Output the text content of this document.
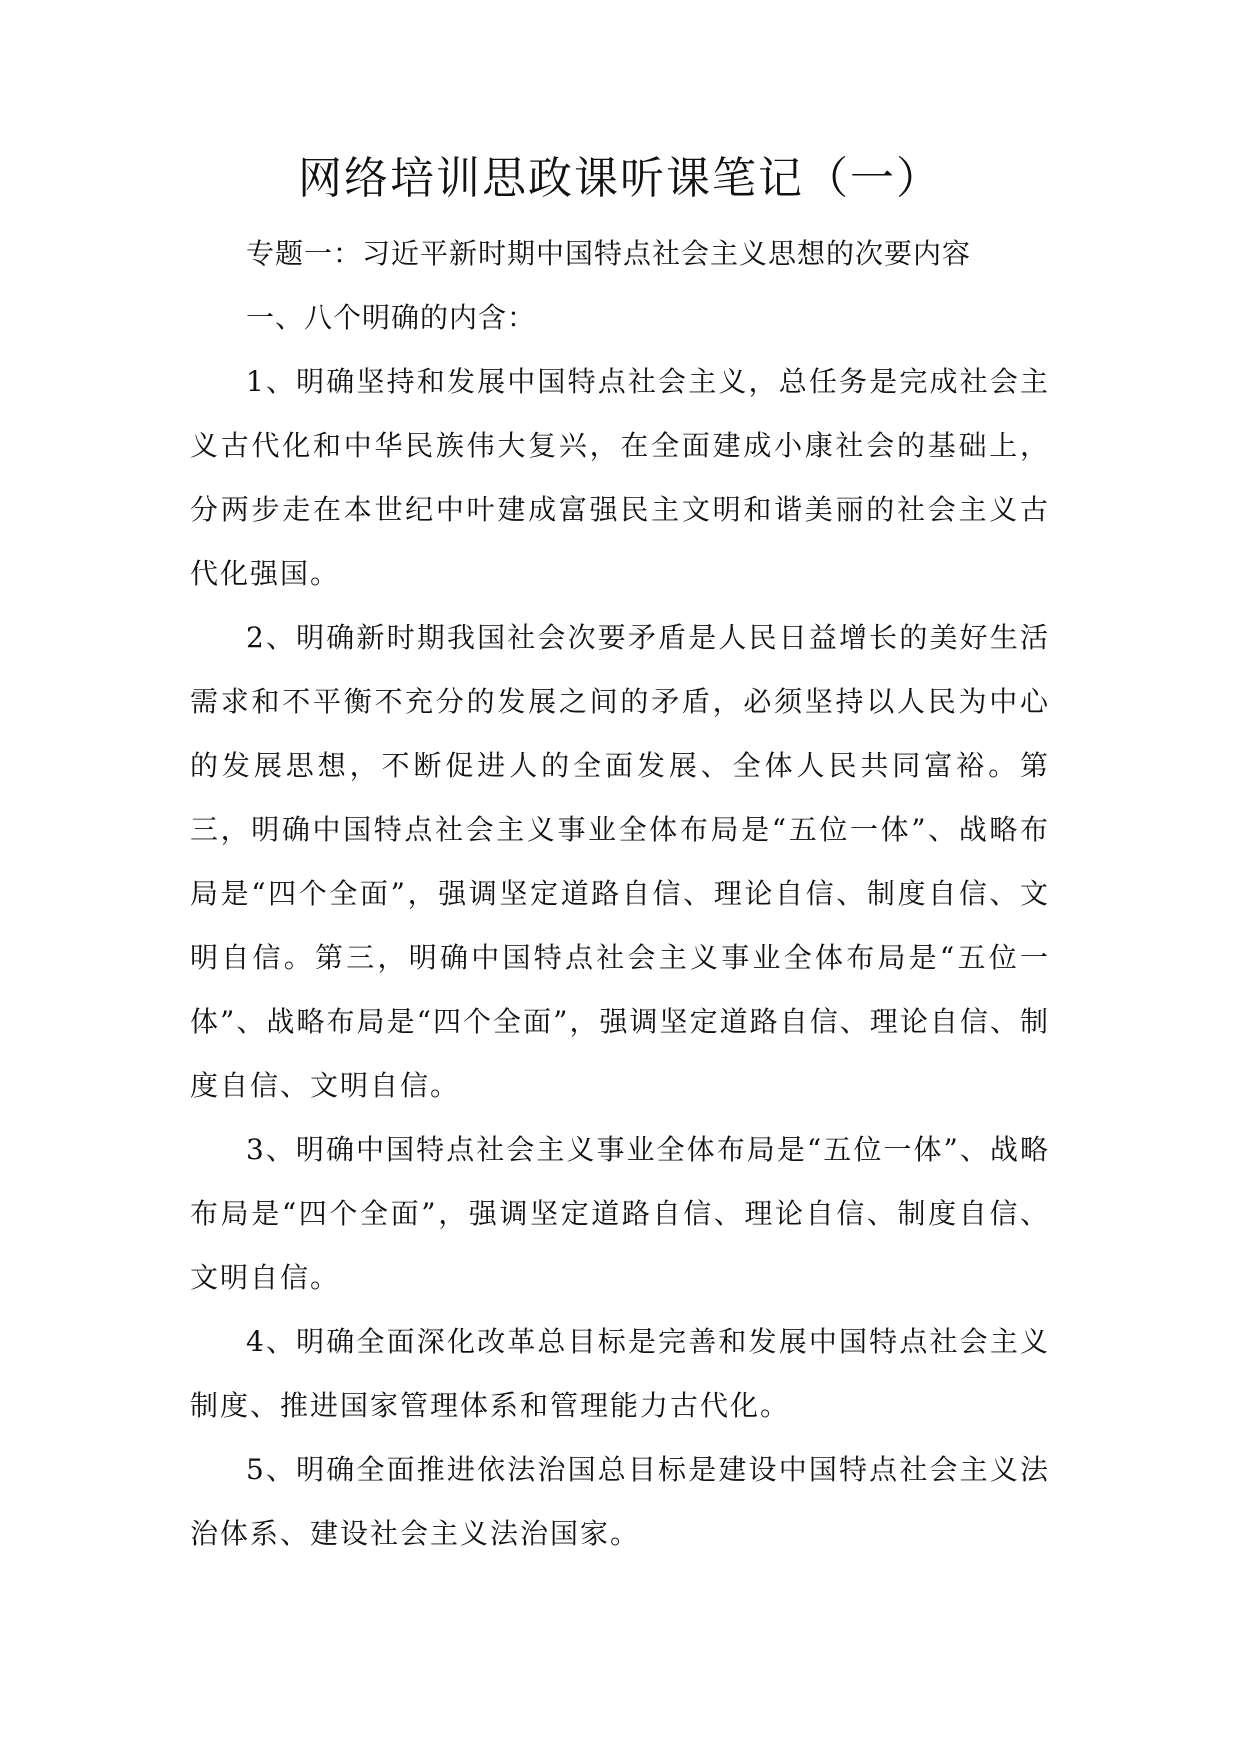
网络培训思政课听课笔记（一）

专题一：习近平新时期中国特点社会主义思想的次要内容

一、八个明确的内含：

1、明确坚持和发展中国特点社会主义，总任务是完成社会主义古代化和中华民族伟大复兴，在全面建成小康社会的基础上，分两步走在本世纪中叶建成富强民主文明和谐美丽的社会主义古代化强国。

2、明确新时期我国社会次要矛盾是人民日益增长的美好生活需求和不平衡不充分的发展之间的矛盾，必须坚持以人民为中心的发展思想，不断促进人的全面发展、全体人民共同富裕。第三，明确中国特点社会主义事业全体布局是“五位一体”、战略布局是“四个全面”，强调坚定道路自信、理论自信、制度自信、文明自信。第三，明确中国特点社会主义事业全体布局是“五位一体”、战略布局是“四个全面”，强调坚定道路自信、理论自信、制度自信、文明自信。

3、明确中国特点社会主义事业全体布局是“五位一体”、战略布局是“四个全面”，强调坚定道路自信、理论自信、制度自信、文明自信。

4、明确全面深化改革总目标是完善和发展中国特点社会主义制度、推进国家管理体系和管理能力古代化。

5、明确全面推进依法治国总目标是建设中国特点社会主义法治体系、建设社会主义法治国家。
